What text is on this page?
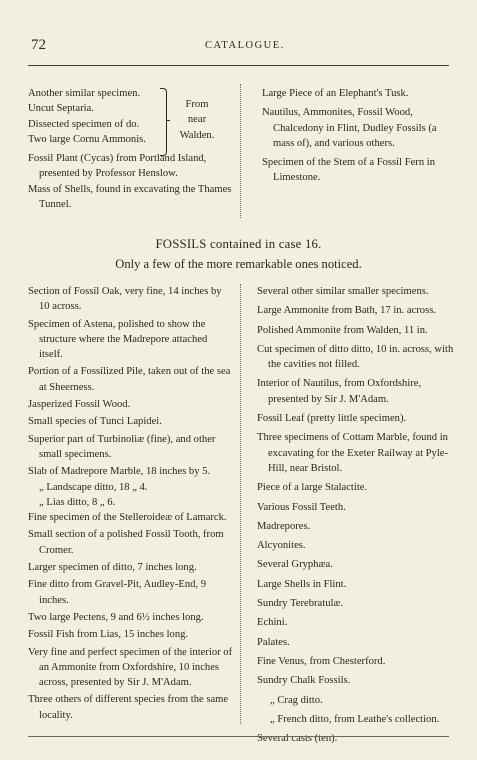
72	CATALOGUE.

Another similar specimen.

Uncut Septaria.

Dissected specimen of do.

Two large Cornu Ammonis.

From
near
Walden.

Fossil Plant (Cycas) from Portland Island, presented by Professor Henslow.

Mass of Shells, found in excavating the Thames Tunnel.

Large Piece of an Elephant's Tusk.

Nautilus, Ammonites, Fossil Wood, Chalcedony in Flint, Dudley Fossils (a mass of), and various others.

Specimen of the Stem of a Fossil Fern in Limestone.

FOSSILS contained in case 16.
Only a few of the more remarkable ones noticed.

Section of Fossil Oak, very fine, 14 inches by 10 across.

Specimen of Astena, polished to show the structure where the Madrepore attached itself.

Portion of a Fossilized Pile, taken out of the sea at Sheerness.

Jasperized Fossil Wood.

Small species of Tunci Lapidei.

Superior part of Turbinoliæ (fine), and other small specimens.

Slab of Madrepore Marble, 18 inches by 5.

„ Landscape ditto, 18 „ 4.

„ Lias ditto, 8 „ 6.

Fine specimen of the Stelleroideæ of Lamarck.

Small section of a polished Fossil Tooth, from Cromer.

Larger specimen of ditto, 7 inches long.

Fine ditto from Gravel-Pit, Audley-End, 9 inches.

Two large Pectens, 9 and 6½ inches long.

Fossil Fish from Lias, 15 inches long.

Very fine and perfect specimen of the interior of an Ammonite from Oxfordshire, 10 inches across, presented by Sir J. M'Adam.

Three others of different species from the same locality.

Several other similar smaller specimens.

Large Ammonite from Bath, 17 in. across.

Polished Ammonite from Walden, 11 in.

Cut specimen of ditto ditto, 10 in. across, with the cavities not filled.

Interior of Nautilus, from Oxfordshire, presented by Sir J. M'Adam.

Fossil Leaf (pretty little specimen).

Three specimens of Cottam Marble, found in excavating for the Exeter Railway at Pyle-Hill, near Bristol.

Piece of a large Stalactite.

Various Fossil Teeth.

Madrepores.

Alcyonites.

Several Gryphæa.

Large Shells in Flint.

Sundry Terebratulæ.

Echini.

Palates.

Fine Venus, from Chesterford.

Sundry Chalk Fossils.

„ Crag ditto.

„ French ditto, from Leathe's collection.

Several casts (ten).
